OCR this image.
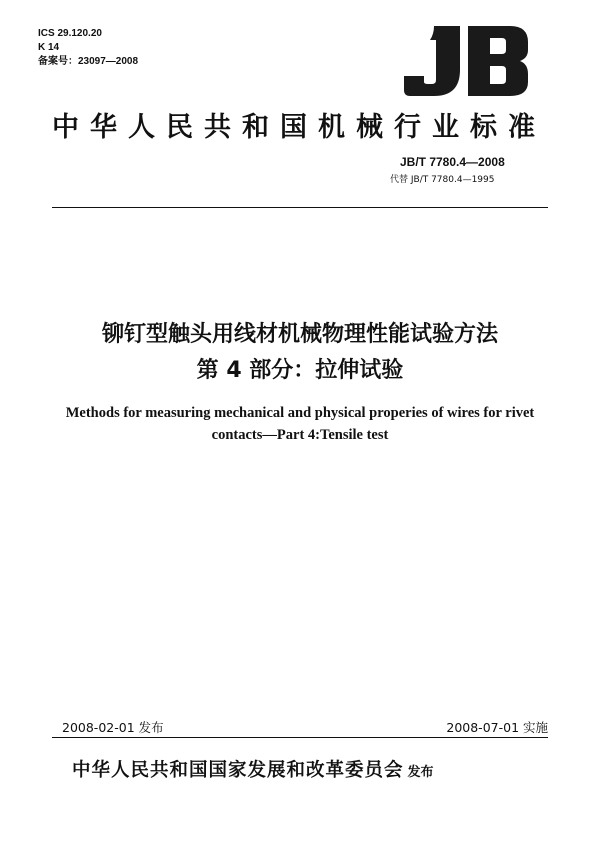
ICS 29.120.20
K 14
备案号：23097—2008
中华人民共和国机械行业标准
JB/T 7780.4—2008
代替 JB/T 7780.4—1995
铆钉型触头用线材机械物理性能试验方法
第 4 部分：拉伸试验
Methods for measuring mechanical and physical properies of wires for rivet
contacts—Part 4:Tensile test
2008-02-01 发布	2008-07-01 实施
中华人民共和国国家发展和改革委员会 发布
